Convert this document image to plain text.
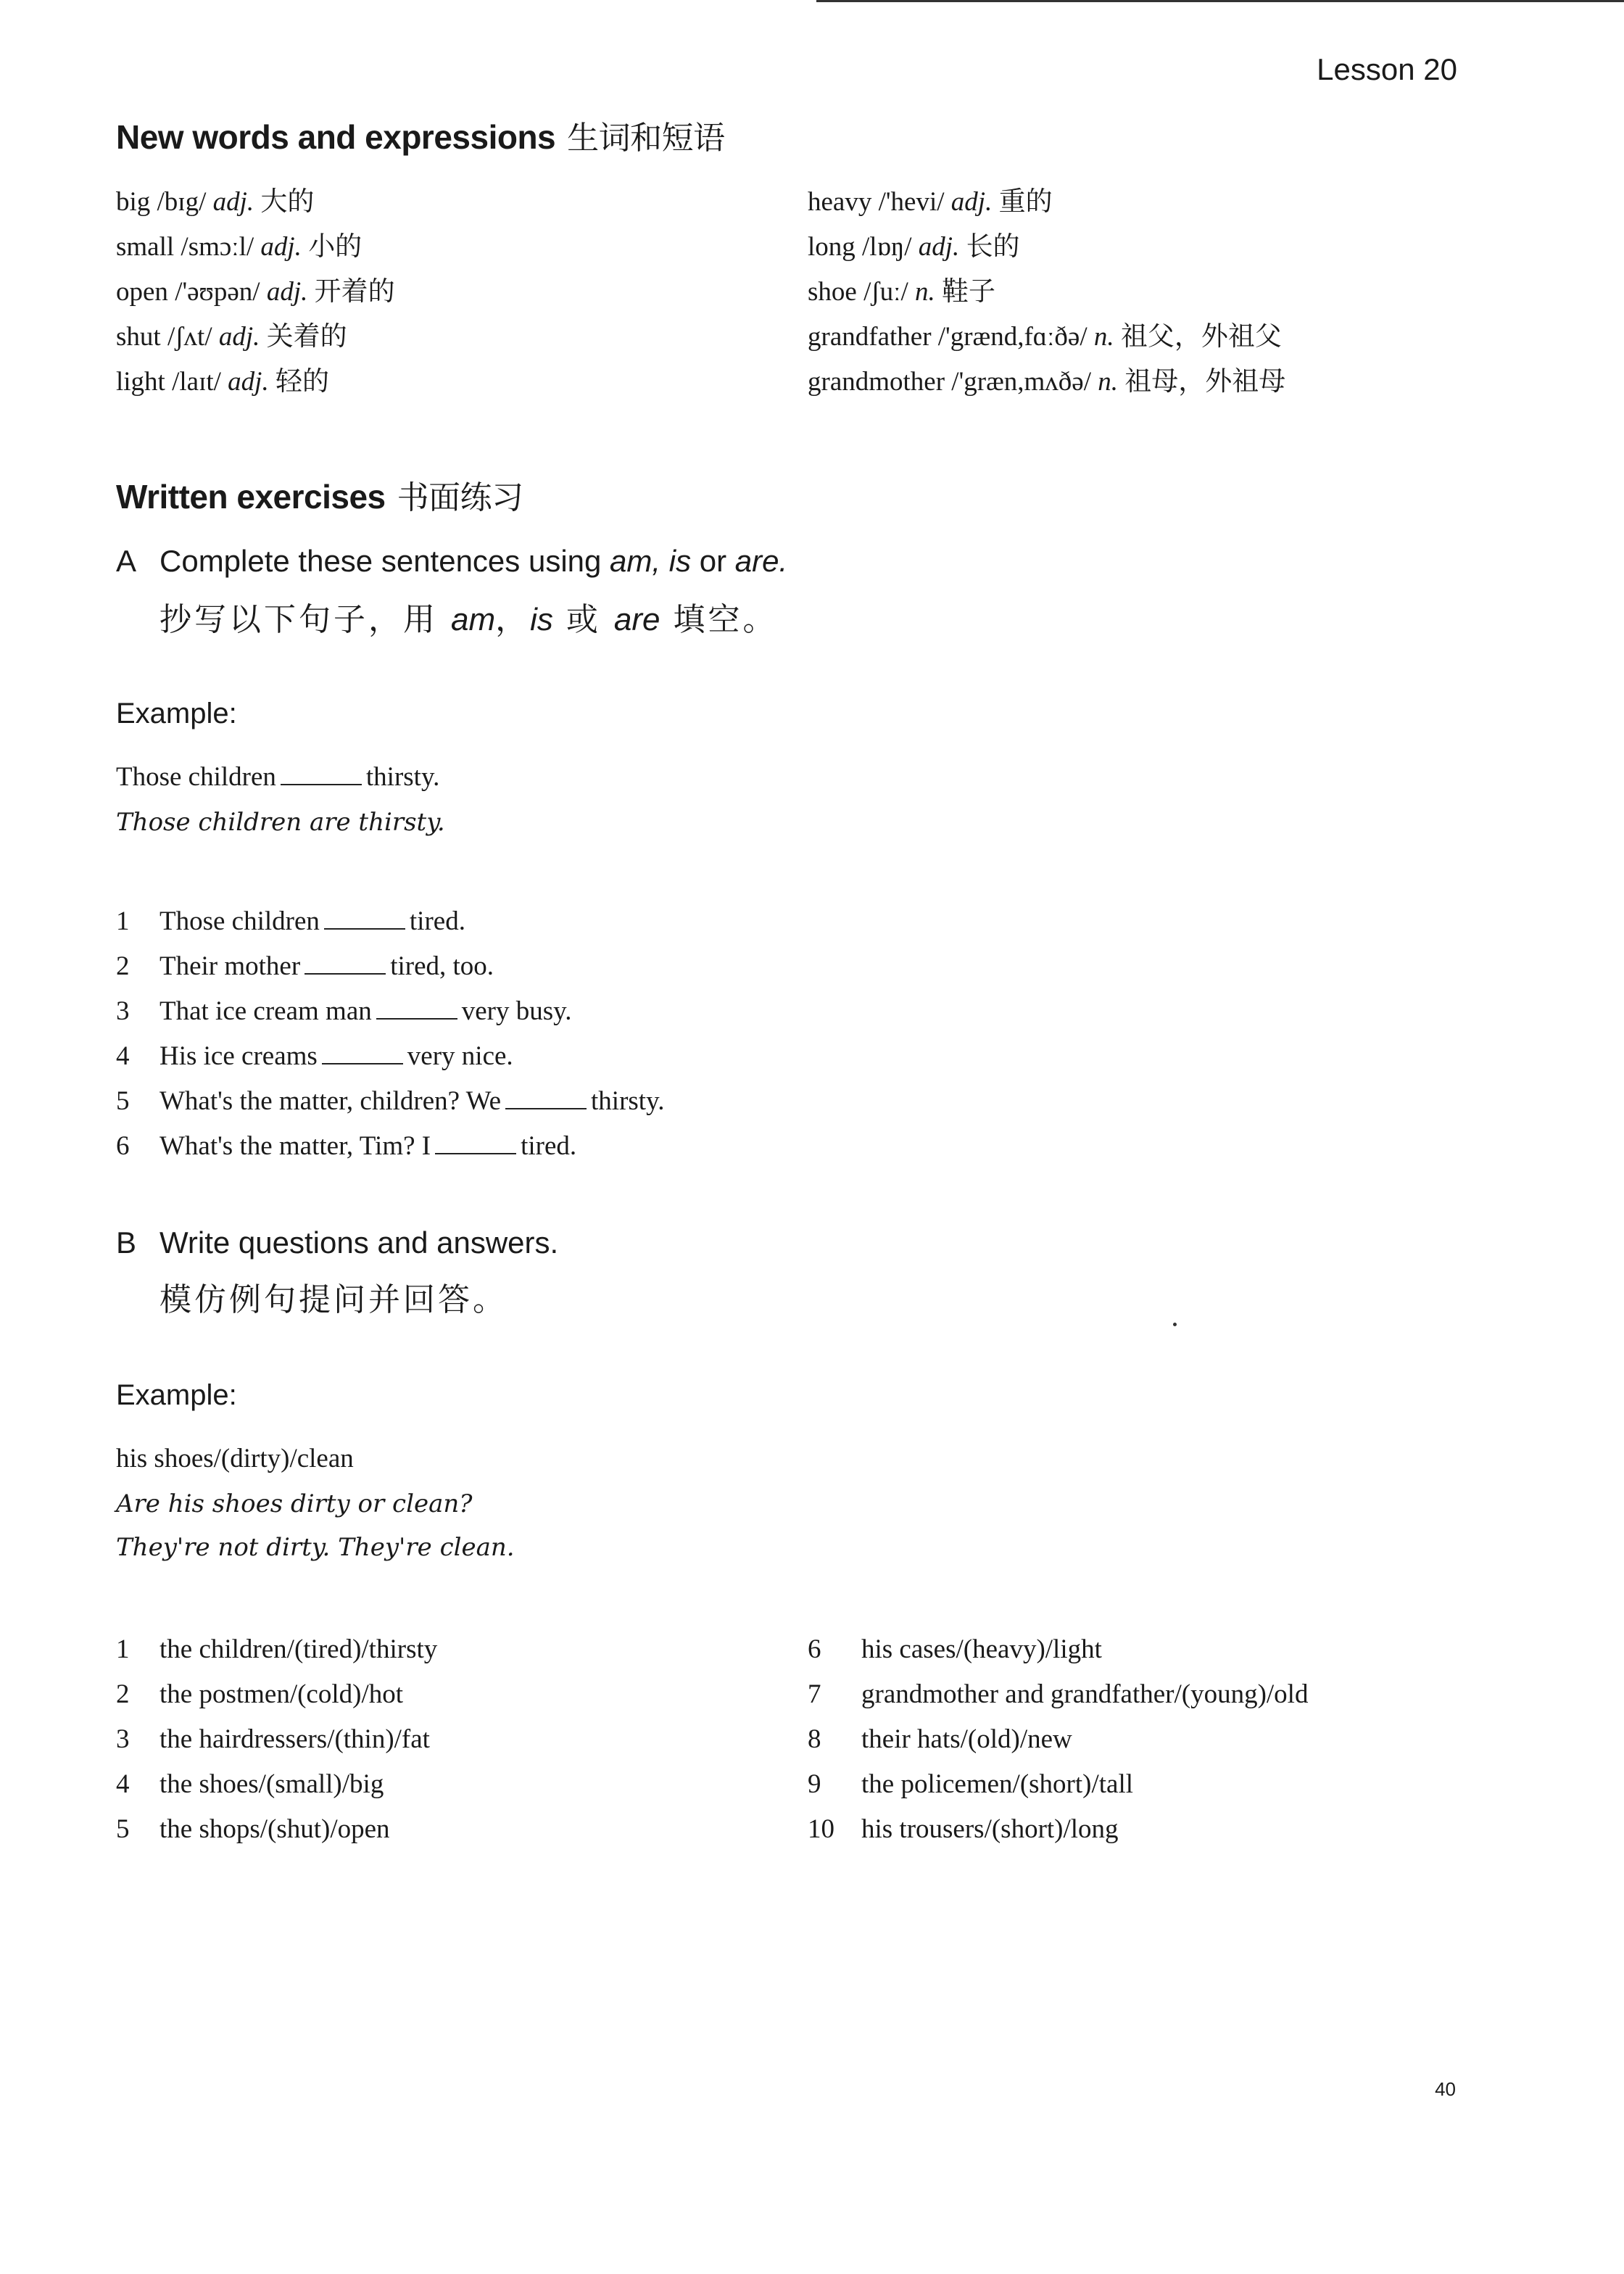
Lesson 20
New words and expressions 生词和短语
big /bɪg/ adj. 大的
small /smɔːl/ adj. 小的
open /'əʊpən/ adj. 开着的
shut /ʃʌt/ adj. 关着的
light /laɪt/ adj. 轻的
heavy /'hevi/ adj. 重的
long /lɒŋ/ adj. 长的
shoe /ʃuː/ n. 鞋子
grandfather /'grænd,fɑːðə/ n. 祖父，外祖父
grandmother /'græn,mʌðə/ n. 祖母，外祖母
Written exercises 书面练习
A Complete these sentences using am, is or are.
抄写以下句子，用 am，is 或 are 填空。
Example:
Those children	thirsty.
Those children are thirsty.
1 Those children	tired.
2 Their mother	tired, too.
3 That ice cream man	very busy.
4 His ice creams	very nice.
5 What's the matter, children? We	thirsty.
6 What's the matter, Tim? I	tired.
B Write questions and answers.
模仿例句提问并回答。
Example:
his shoes/(dirty)/clean
Are his shoes dirty or clean?
They're not dirty. They're clean.
1 the children/(tired)/thirsty
2 the postmen/(cold)/hot
3 the hairdressers/(thin)/fat
4 the shoes/(small)/big
5 the shops/(shut)/open
6 his cases/(heavy)/light
7 grandmother and grandfather/(young)/old
8 their hats/(old)/new
9 the policemen/(short)/tall
10 his trousers/(short)/long
40
